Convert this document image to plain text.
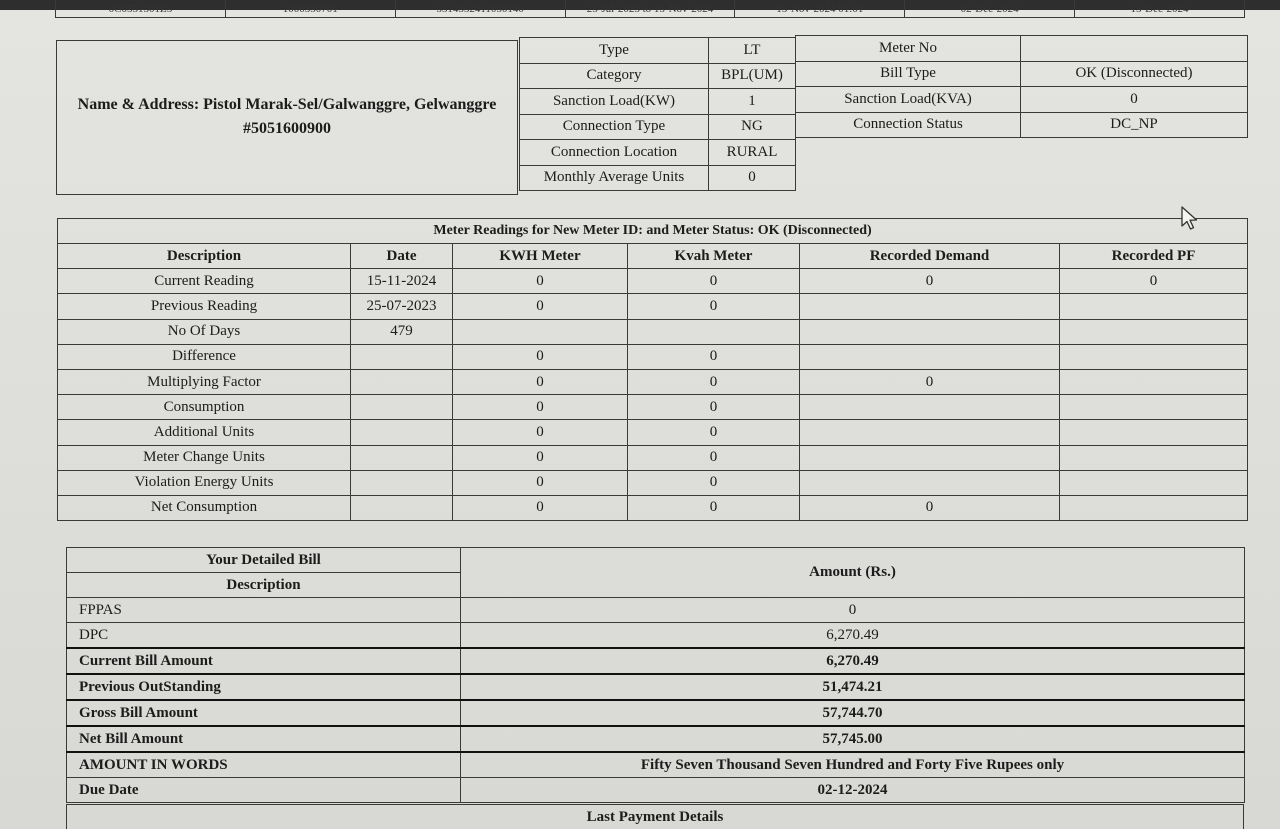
0C0551501Z5	1000550701	5514552411050140	25-Jul-2023 to 15-Nov-2024	15-Nov-2024 01:01	02-Dec-2024	15-Dec-2024
Name & Address: Pistol Marak-Sel/Galwanggre, Gelwanggre
#5051600900
Type	LT
Category	BPL(UM)
Sanction Load(KW)	1
Connection Type	NG
Connection Location	RURAL
Monthly Average Units	0
Meter No	
Bill Type	OK (Disconnected)
Sanction Load(KVA)	0
Connection Status	DC_NP
Meter Readings for New Meter ID: and Meter Status: OK (Disconnected)					
Description	Date	KWH Meter	Kvah Meter	Recorded Demand	Recorded PF
Current Reading	15-11-2024	0	0	0	0
Previous Reading	25-07-2023	0	0		
No Of Days	479				
Difference		0	0		
Multiplying Factor		0	0	0	
Consumption		0	0		
Additional Units		0	0		
Meter Change Units		0	0		
Violation Energy Units		0	0		
Net Consumption		0	0	0	
Your Detailed Bill	Amount (Rs.)
Description	
FPPAS	0
DPC	6,270.49
Current Bill Amount	6,270.49
Previous OutStanding	51,474.21
Gross Bill Amount	57,744.70
Net Bill Amount	57,745.00
AMOUNT IN WORDS	Fifty Seven Thousand Seven Hundred and Forty Five Rupees only
Due Date	02-12-2024
Last Payment Details
